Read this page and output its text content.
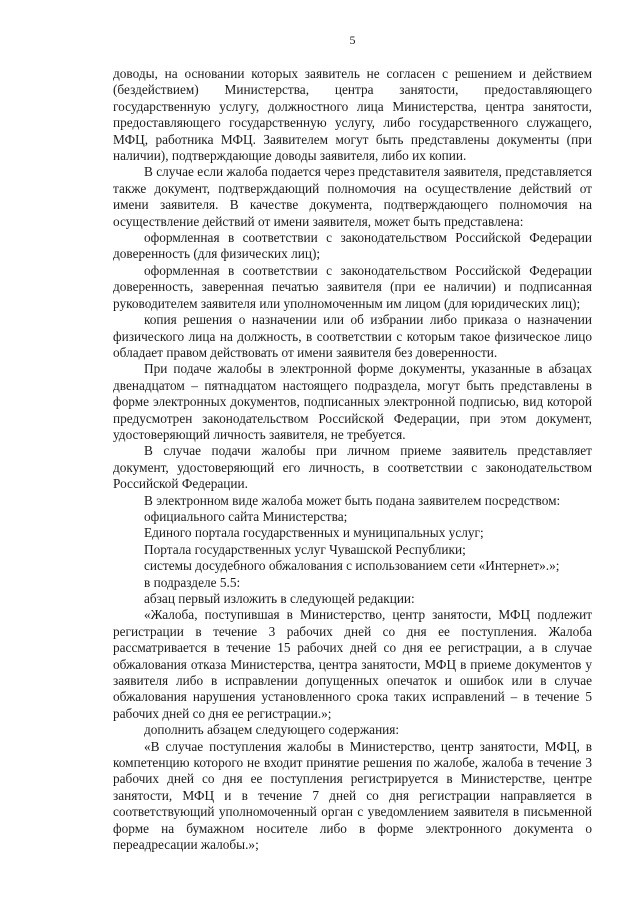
5

доводы, на основании которых заявитель не согласен с решением и действием (бездействием) Министерства, центра занятости, предоставляющего государственную услугу, должностного лица Министерства, центра занятости, предоставляющего государственную услугу, либо государственного служащего, МФЦ, работника МФЦ. Заявителем могут быть представлены документы (при наличии), подтверждающие доводы заявителя, либо их копии.

В случае если жалоба подается через представителя заявителя, представляется также документ, подтверждающий полномочия на осуществление действий от имени заявителя. В качестве документа, подтверждающего полномочия на осуществление действий от имени заявителя, может быть представлена:

оформленная в соответствии с законодательством Российской Федерации доверенность (для физических лиц);

оформленная в соответствии с законодательством Российской Федерации доверенность, заверенная печатью заявителя (при ее наличии) и подписанная руководителем заявителя или уполномоченным им лицом (для юридических лиц);

копия решения о назначении или об избрании либо приказа о назначении физического лица на должность, в соответствии с которым такое физическое лицо обладает правом действовать от имени заявителя без доверенности.

При подаче жалобы в электронной форме документы, указанные в абзацах двенадцатом – пятнадцатом настоящего подраздела, могут быть представлены в форме электронных документов, подписанных электронной подписью, вид которой предусмотрен законодательством Российской Федерации, при этом документ, удостоверяющий личность заявителя, не требуется.

В случае подачи жалобы при личном приеме заявитель представляет документ, удостоверяющий его личность, в соответствии с законодательством Российской Федерации.

В электронном виде жалоба может быть подана заявителем посредством:

официального сайта Министерства;

Единого портала государственных и муниципальных услуг;

Портала государственных услуг Чувашской Республики;

системы досудебного обжалования с использованием сети «Интернет».»;

в подразделе 5.5:

абзац первый изложить в следующей редакции:

«Жалоба, поступившая в Министерство, центр занятости, МФЦ подлежит регистрации в течение 3 рабочих дней со дня ее поступления. Жалоба рассматривается в течение 15 рабочих дней со дня ее регистрации, а в случае обжалования отказа Министерства, центра занятости, МФЦ в приеме документов у заявителя либо в исправлении допущенных опечаток и ошибок или в случае обжалования нарушения установленного срока таких исправлений – в течение 5 рабочих дней со дня ее регистрации.»;

дополнить абзацем следующего содержания:

«В случае поступления жалобы в Министерство, центр занятости, МФЦ, в компетенцию которого не входит принятие решения по жалобе, жалоба в течение 3 рабочих дней со дня ее поступления регистрируется в Министерстве, центре занятости, МФЦ и в течение 7 дней со дня регистрации направляется в соответствующий уполномоченный орган с уведомлением заявителя в письменной форме на бумажном носителе либо в форме электронного документа о переадресации жалобы.»;
